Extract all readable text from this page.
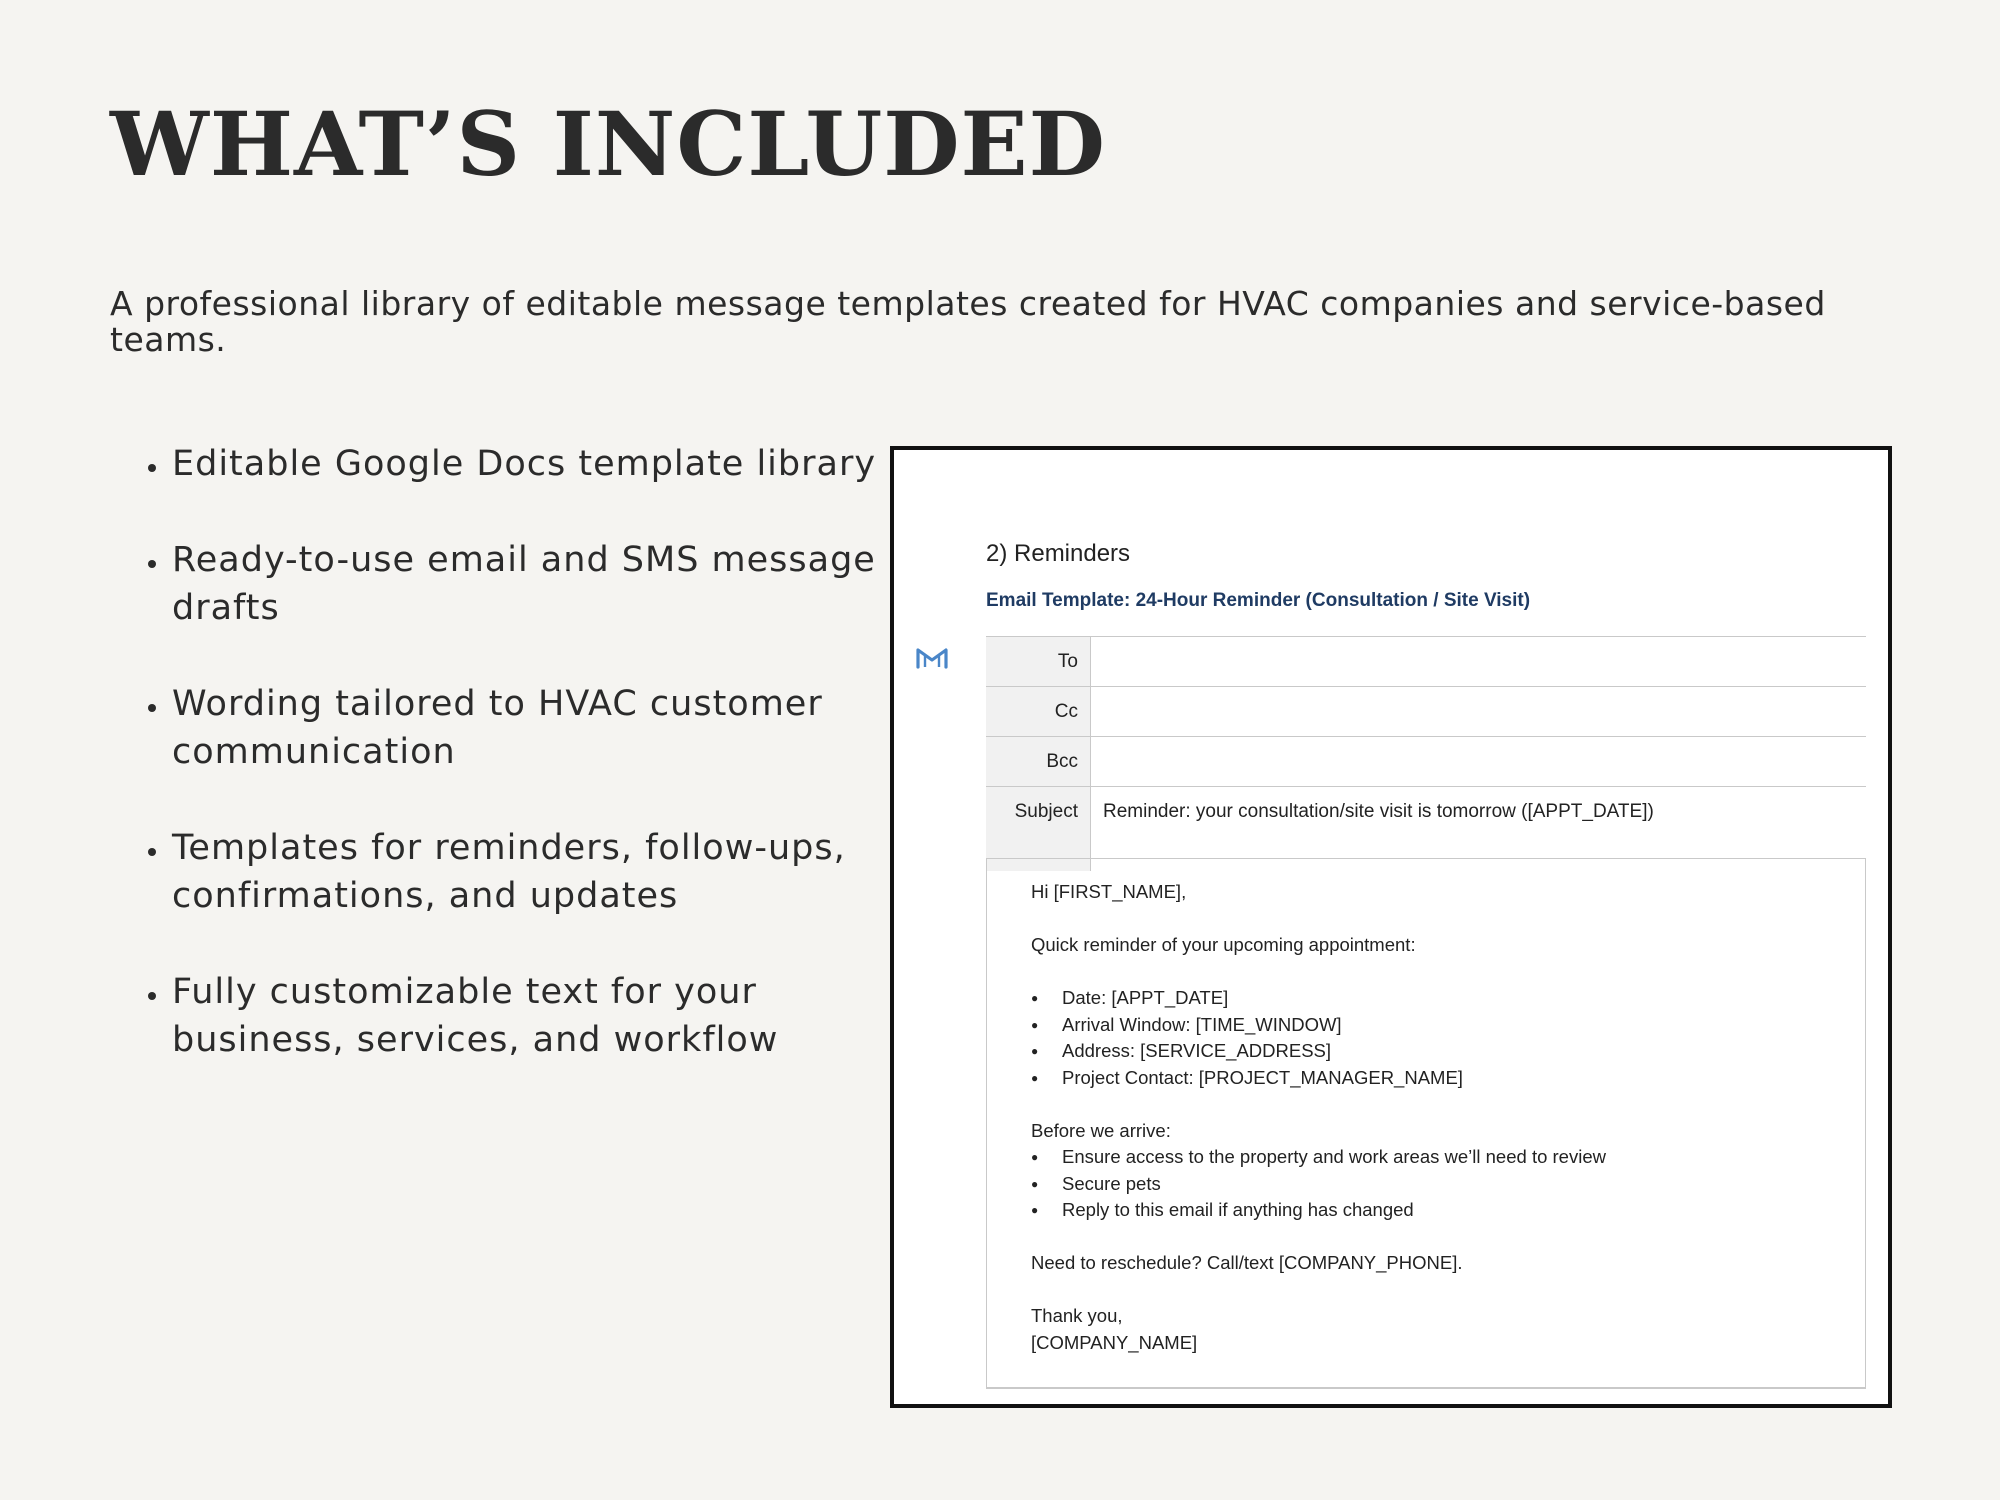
WHAT’S INCLUDED

A professional library of editable message templates created for HVAC companies and service-based teams.

• Editable Google Docs template library
• Ready-to-use email and SMS message drafts
• Wording tailored to HVAC customer communication
• Templates for reminders, follow-ups, confirmations, and updates
• Fully customizable text for your business, services, and workflow
2) Reminders
Email Template: 24-Hour Reminder (Consultation / Site Visit)
To	
Cc	
Bcc	
Subject	Reminder: your consultation/site visit is tomorrow ([APPT_DATE])

Hi [FIRST_NAME],

Quick reminder of your upcoming appointment:

● Date: [APPT_DATE]
● Arrival Window: [TIME_WINDOW]
● Address: [SERVICE_ADDRESS]
● Project Contact: [PROJECT_MANAGER_NAME]

Before we arrive:

● Ensure access to the property and work areas we’ll need to review
● Secure pets
● Reply to this email if anything has changed

Need to reschedule? Call/text [COMPANY_PHONE].

Thank you,

[COMPANY_NAME]
